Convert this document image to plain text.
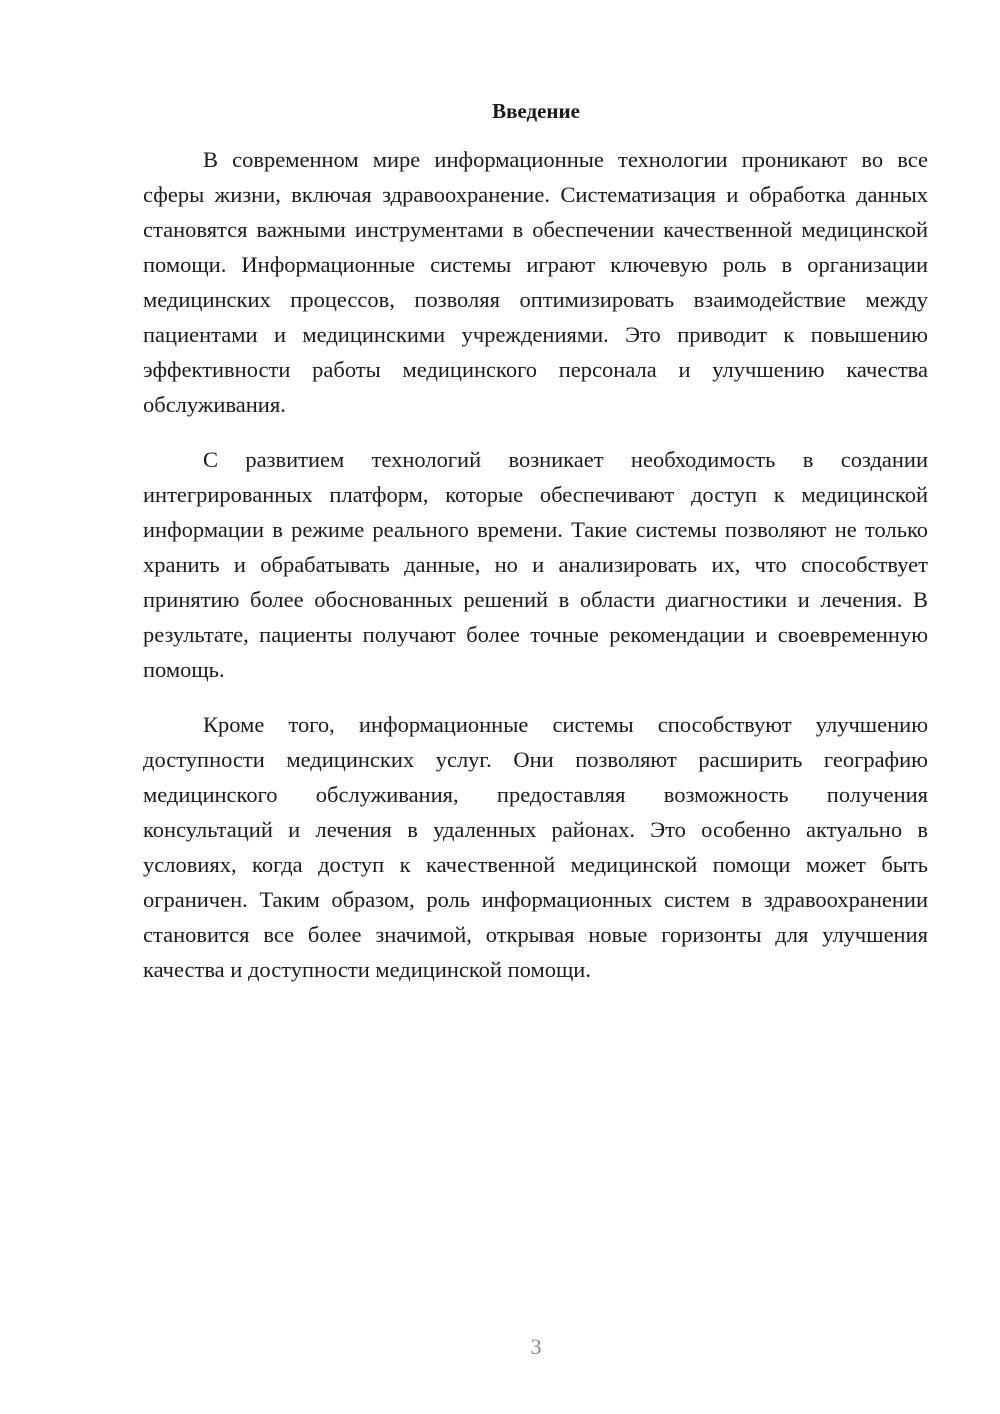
Введение

В современном мире информационные технологии проникают во все сферы жизни, включая здравоохранение. Систематизация и обработка данных становятся важными инструментами в обеспечении качественной медицинской помощи. Информационные системы играют ключевую роль в организации медицинских процессов, позволяя оптимизировать взаимодействие между пациентами и медицинскими учреждениями. Это приводит к повышению эффективности работы медицинского персонала и улучшению качества обслуживания.

С развитием технологий возникает необходимость в создании интегрированных платформ, которые обеспечивают доступ к медицинской информации в режиме реального времени. Такие системы позволяют не только хранить и обрабатывать данные, но и анализировать их, что способствует принятию более обоснованных решений в области диагностики и лечения. В результате, пациенты получают более точные рекомендации и своевременную помощь.

Кроме того, информационные системы способствуют улучшению доступности медицинских услуг. Они позволяют расширить географию медицинского обслуживания, предоставляя возможность получения консультаций и лечения в удаленных районах. Это особенно актуально в условиях, когда доступ к качественной медицинской помощи может быть ограничен. Таким образом, роль информационных систем в здравоохранении становится все более значимой, открывая новые горизонты для улучшения качества и доступности медицинской помощи.

3
